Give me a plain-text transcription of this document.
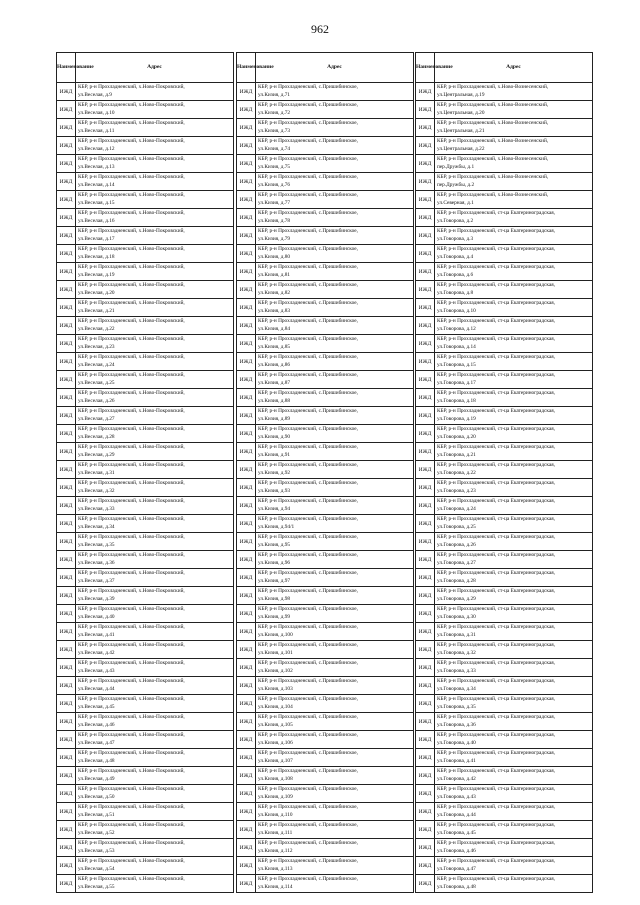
962
Наименование	Адрес
ИЖД	КБР, р-н Прохладненский, х.Ново-Покровский,
ул.Веселая, д.9

ИЖД	КБР, р-н Прохладненский, х.Ново-Покровский,
ул.Веселая, д.10

ИЖД	КБР, р-н Прохладненский, х.Ново-Покровский,
ул.Веселая, д.11

ИЖД	КБР, р-н Прохладненский, х.Ново-Покровский,
ул.Веселая, д.12

ИЖД	КБР, р-н Прохладненский, х.Ново-Покровский,
ул.Веселая, д.13

ИЖД	КБР, р-н Прохладненский, х.Ново-Покровский,
ул.Веселая, д.14

ИЖД	КБР, р-н Прохладненский, х.Ново-Покровский,
ул.Веселая, д.15

ИЖД	КБР, р-н Прохладненский, х.Ново-Покровский,
ул.Веселая, д.16

ИЖД	КБР, р-н Прохладненский, х.Ново-Покровский,
ул.Веселая, д.17

ИЖД	КБР, р-н Прохладненский, х.Ново-Покровский,
ул.Веселая, д.18

ИЖД	КБР, р-н Прохладненский, х.Ново-Покровский,
ул.Веселая, д.19

ИЖД	КБР, р-н Прохладненский, х.Ново-Покровский,
ул.Веселая, д.20

ИЖД	КБР, р-н Прохладненский, х.Ново-Покровский,
ул.Веселая, д.21

ИЖД	КБР, р-н Прохладненский, х.Ново-Покровский,
ул.Веселая, д.22

ИЖД	КБР, р-н Прохладненский, х.Ново-Покровский,
ул.Веселая, д.23

ИЖД	КБР, р-н Прохладненский, х.Ново-Покровский,
ул.Веселая, д.24

ИЖД	КБР, р-н Прохладненский, х.Ново-Покровский,
ул.Веселая, д.25

ИЖД	КБР, р-н Прохладненский, х.Ново-Покровский,
ул.Веселая, д.26

ИЖД	КБР, р-н Прохладненский, х.Ново-Покровский,
ул.Веселая, д.27

ИЖД	КБР, р-н Прохладненский, х.Ново-Покровский,
ул.Веселая, д.28

ИЖД	КБР, р-н Прохладненский, х.Ново-Покровский,
ул.Веселая, д.29

ИЖД	КБР, р-н Прохладненский, х.Ново-Покровский,
ул.Веселая, д.31

ИЖД	КБР, р-н Прохладненский, х.Ново-Покровский,
ул.Веселая, д.32

ИЖД	КБР, р-н Прохладненский, х.Ново-Покровский,
ул.Веселая, д.33

ИЖД	КБР, р-н Прохладненский, х.Ново-Покровский,
ул.Веселая, д.34

ИЖД	КБР, р-н Прохладненский, х.Ново-Покровский,
ул.Веселая, д.35

ИЖД	КБР, р-н Прохладненский, х.Ново-Покровский,
ул.Веселая, д.36

ИЖД	КБР, р-н Прохладненский, х.Ново-Покровский,
ул.Веселая, д.37

ИЖД	КБР, р-н Прохладненский, х.Ново-Покровский,
ул.Веселая, д.39

ИЖД	КБР, р-н Прохладненский, х.Ново-Покровский,
ул.Веселая, д.40

ИЖД	КБР, р-н Прохладненский, х.Ново-Покровский,
ул.Веселая, д.41

ИЖД	КБР, р-н Прохладненский, х.Ново-Покровский,
ул.Веселая, д.42

ИЖД	КБР, р-н Прохладненский, х.Ново-Покровский,
ул.Веселая, д.43

ИЖД	КБР, р-н Прохладненский, х.Ново-Покровский,
ул.Веселая, д.44

ИЖД	КБР, р-н Прохладненский, х.Ново-Покровский,
ул.Веселая, д.45

ИЖД	КБР, р-н Прохладненский, х.Ново-Покровский,
ул.Веселая, д.46

ИЖД	КБР, р-н Прохладненский, х.Ново-Покровский,
ул.Веселая, д.47

ИЖД	КБР, р-н Прохладненский, х.Ново-Покровский,
ул.Веселая, д.48

ИЖД	КБР, р-н Прохладненский, х.Ново-Покровский,
ул.Веселая, д.49

ИЖД	КБР, р-н Прохладненский, х.Ново-Покровский,
ул.Веселая, д.50

ИЖД	КБР, р-н Прохладненский, х.Ново-Покровский,
ул.Веселая, д.51

ИЖД	КБР, р-н Прохладненский, х.Ново-Покровский,
ул.Веселая, д.52

ИЖД	КБР, р-н Прохладненский, х.Ново-Покровский,
ул.Веселая, д.53

ИЖД	КБР, р-н Прохладненский, х.Ново-Покровский,
ул.Веселая, д.54

ИЖД	КБР, р-н Прохладненский, х.Ново-Покровский,
ул.Веселая, д.55
Наименование	Адрес
ИЖД	КБР, р-н Прохладненский, с.Пришибинское,
ул.Кизия, д.71

ИЖД	КБР, р-н Прохладненский, с.Пришибинское,
ул.Кизия, д.72

ИЖД	КБР, р-н Прохладненский, с.Пришибинское,
ул.Кизия, д.73

ИЖД	КБР, р-н Прохладненский, с.Пришибинское,
ул.Кизия, д.74

ИЖД	КБР, р-н Прохладненский, с.Пришибинское,
ул.Кизия, д.75

ИЖД	КБР, р-н Прохладненский, с.Пришибинское,
ул.Кизия, д.76

ИЖД	КБР, р-н Прохладненский, с.Пришибинское,
ул.Кизия, д.77

ИЖД	КБР, р-н Прохладненский, с.Пришибинское,
ул.Кизия, д.78

ИЖД	КБР, р-н Прохладненский, с.Пришибинское,
ул.Кизия, д.79

ИЖД	КБР, р-н Прохладненский, с.Пришибинское,
ул.Кизия, д.80

ИЖД	КБР, р-н Прохладненский, с.Пришибинское,
ул.Кизия, д.81

ИЖД	КБР, р-н Прохладненский, с.Пришибинское,
ул.Кизия, д.82

ИЖД	КБР, р-н Прохладненский, с.Пришибинское,
ул.Кизия, д.83

ИЖД	КБР, р-н Прохладненский, с.Пришибинское,
ул.Кизия, д.84

ИЖД	КБР, р-н Прохладненский, с.Пришибинское,
ул.Кизия, д.85

ИЖД	КБР, р-н Прохладненский, с.Пришибинское,
ул.Кизия, д.86

ИЖД	КБР, р-н Прохладненский, с.Пришибинское,
ул.Кизия, д.87

ИЖД	КБР, р-н Прохладненский, с.Пришибинское,
ул.Кизия, д.88

ИЖД	КБР, р-н Прохладненский, с.Пришибинское,
ул.Кизия, д.89

ИЖД	КБР, р-н Прохладненский, с.Пришибинское,
ул.Кизия, д.90

ИЖД	КБР, р-н Прохладненский, с.Пришибинское,
ул.Кизия, д.91

ИЖД	КБР, р-н Прохладненский, с.Пришибинское,
ул.Кизия, д.92

ИЖД	КБР, р-н Прохладненский, с.Пришибинское,
ул.Кизия, д.93

ИЖД	КБР, р-н Прохладненский, с.Пришибинское,
ул.Кизия, д.94

ИЖД	КБР, р-н Прохладненский, с.Пришибинское,
ул.Кизия, д.94/1

ИЖД	КБР, р-н Прохладненский, с.Пришибинское,
ул.Кизия, д.95

ИЖД	КБР, р-н Прохладненский, с.Пришибинское,
ул.Кизия, д.96

ИЖД	КБР, р-н Прохладненский, с.Пришибинское,
ул.Кизия, д.97

ИЖД	КБР, р-н Прохладненский, с.Пришибинское,
ул.Кизия, д.98

ИЖД	КБР, р-н Прохладненский, с.Пришибинское,
ул.Кизия, д.99

ИЖД	КБР, р-н Прохладненский, с.Пришибинское,
ул.Кизия, д.100

ИЖД	КБР, р-н Прохладненский, с.Пришибинское,
ул.Кизия, д.101

ИЖД	КБР, р-н Прохладненский, с.Пришибинское,
ул.Кизия, д.102

ИЖД	КБР, р-н Прохладненский, с.Пришибинское,
ул.Кизия, д.103

ИЖД	КБР, р-н Прохладненский, с.Пришибинское,
ул.Кизия, д.104

ИЖД	КБР, р-н Прохладненский, с.Пришибинское,
ул.Кизия, д.105

ИЖД	КБР, р-н Прохладненский, с.Пришибинское,
ул.Кизия, д.106

ИЖД	КБР, р-н Прохладненский, с.Пришибинское,
ул.Кизия, д.107

ИЖД	КБР, р-н Прохладненский, с.Пришибинское,
ул.Кизия, д.108

ИЖД	КБР, р-н Прохладненский, с.Пришибинское,
ул.Кизия, д.109

ИЖД	КБР, р-н Прохладненский, с.Пришибинское,
ул.Кизия, д.110

ИЖД	КБР, р-н Прохладненский, с.Пришибинское,
ул.Кизия, д.111

ИЖД	КБР, р-н Прохладненский, с.Пришибинское,
ул.Кизия, д.112

ИЖД	КБР, р-н Прохладненский, с.Пришибинское,
ул.Кизия, д.113

ИЖД	КБР, р-н Прохладненский, с.Пришибинское,
ул.Кизия, д.114
Наименование	Адрес
ИЖД	КБР, р-н Прохладненский, х.Ново-Вознесенский,
ул.Центральная, д.19

ИЖД	КБР, р-н Прохладненский, х.Ново-Вознесенский,
ул.Центральная, д.20

ИЖД	КБР, р-н Прохладненский, х.Ново-Вознесенский,
ул.Центральная, д.21

ИЖД	КБР, р-н Прохладненский, х.Ново-Вознесенский,
ул.Центральная, д.22

ИЖД	КБР, р-н Прохладненский, х.Ново-Вознесенский,
пер.Дружбы, д.1

ИЖД	КБР, р-н Прохладненский, х.Ново-Вознесенский,
пер.Дружбы, д.2

ИЖД	КБР, р-н Прохладненский, х.Ново-Вознесенский,
ул.Северная, д.1

ИЖД	КБР, р-н Прохладненский, ст-ца Екатериноградская,
ул.Говорова, д.2

ИЖД	КБР, р-н Прохладненский, ст-ца Екатериноградская,
ул.Говорова, д.3

ИЖД	КБР, р-н Прохладненский, ст-ца Екатериноградская,
ул.Говорова, д.4

ИЖД	КБР, р-н Прохладненский, ст-ца Екатериноградская,
ул.Говорова, д.6

ИЖД	КБР, р-н Прохладненский, ст-ца Екатериноградская,
ул.Говорова, д.8

ИЖД	КБР, р-н Прохладненский, ст-ца Екатериноградская,
ул.Говорова, д.10

ИЖД	КБР, р-н Прохладненский, ст-ца Екатериноградская,
ул.Говорова, д.12

ИЖД	КБР, р-н Прохладненский, ст-ца Екатериноградская,
ул.Говорова, д.14

ИЖД	КБР, р-н Прохладненский, ст-ца Екатериноградская,
ул.Говорова, д.15

ИЖД	КБР, р-н Прохладненский, ст-ца Екатериноградская,
ул.Говорова, д.17

ИЖД	КБР, р-н Прохладненский, ст-ца Екатериноградская,
ул.Говорова, д.18

ИЖД	КБР, р-н Прохладненский, ст-ца Екатериноградская,
ул.Говорова, д.19

ИЖД	КБР, р-н Прохладненский, ст-ца Екатериноградская,
ул.Говорова, д.20

ИЖД	КБР, р-н Прохладненский, ст-ца Екатериноградская,
ул.Говорова, д.21

ИЖД	КБР, р-н Прохладненский, ст-ца Екатериноградская,
ул.Говорова, д.22

ИЖД	КБР, р-н Прохладненский, ст-ца Екатериноградская,
ул.Говорова, д.23

ИЖД	КБР, р-н Прохладненский, ст-ца Екатериноградская,
ул.Говорова, д.24

ИЖД	КБР, р-н Прохладненский, ст-ца Екатериноградская,
ул.Говорова, д.25

ИЖД	КБР, р-н Прохладненский, ст-ца Екатериноградская,
ул.Говорова, д.26

ИЖД	КБР, р-н Прохладненский, ст-ца Екатериноградская,
ул.Говорова, д.27

ИЖД	КБР, р-н Прохладненский, ст-ца Екатериноградская,
ул.Говорова, д.28

ИЖД	КБР, р-н Прохладненский, ст-ца Екатериноградская,
ул.Говорова, д.29

ИЖД	КБР, р-н Прохладненский, ст-ца Екатериноградская,
ул.Говорова, д.30

ИЖД	КБР, р-н Прохладненский, ст-ца Екатериноградская,
ул.Говорова, д.31

ИЖД	КБР, р-н Прохладненский, ст-ца Екатериноградская,
ул.Говорова, д.32

ИЖД	КБР, р-н Прохладненский, ст-ца Екатериноградская,
ул.Говорова, д.33

ИЖД	КБР, р-н Прохладненский, ст-ца Екатериноградская,
ул.Говорова, д.34

ИЖД	КБР, р-н Прохладненский, ст-ца Екатериноградская,
ул.Говорова, д.35

ИЖД	КБР, р-н Прохладненский, ст-ца Екатериноградская,
ул.Говорова, д.36

ИЖД	КБР, р-н Прохладненский, ст-ца Екатериноградская,
ул.Говорова, д.40

ИЖД	КБР, р-н Прохладненский, ст-ца Екатериноградская,
ул.Говорова, д.41

ИЖД	КБР, р-н Прохладненский, ст-ца Екатериноградская,
ул.Говорова, д.42

ИЖД	КБР, р-н Прохладненский, ст-ца Екатериноградская,
ул.Говорова, д.43

ИЖД	КБР, р-н Прохладненский, ст-ца Екатериноградская,
ул.Говорова, д.44

ИЖД	КБР, р-н Прохладненский, ст-ца Екатериноградская,
ул.Говорова, д.45

ИЖД	КБР, р-н Прохладненский, ст-ца Екатериноградская,
ул.Говорова, д.46

ИЖД	КБР, р-н Прохладненский, ст-ца Екатериноградская,
ул.Говорова, д.47

ИЖД	КБР, р-н Прохладненский, ст-ца Екатериноградская,
ул.Говорова, д.48
